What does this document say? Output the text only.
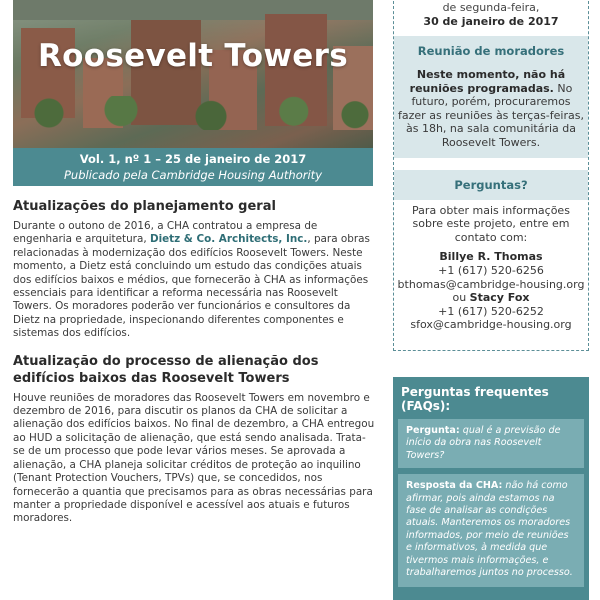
Roosevelt Towers
Vol. 1, nº 1 – 25 de janeiro de 2017
Publicado pela Cambridge Housing Authority
Atualizações do planejamento geral

Durante o outono de 2016, a CHA contratou a empresa de engenharia e arquitetura, Dietz & Co. Architects, Inc., para obras relacionadas à modernização dos edifícios Roosevelt Towers. Neste momento, a Dietz está concluindo um estudo das condições atuais dos edifícios baixos e médios, que fornecerão à CHA as informações essenciais para identificar a reforma necessária nas Roosevelt Towers. Os moradores poderão ver funcionários e consultores da Dietz na propriedade, inspecionando diferentes componentes e sistemas dos edifícios.

Atualização do processo de alienação dos edifícios baixos das Roosevelt Towers

Houve reuniões de moradores das Roosevelt Towers em novembro e dezembro de 2016, para discutir os planos da CHA de solicitar a alienação dos edifícios baixos. No final de dezembro, a CHA entregou ao HUD a solicitação de alienação, que está sendo analisada. Trata-se de um processo que pode levar vários meses. Se aprovada a alienação, a CHA planeja solicitar créditos de proteção ao inquilino (Tenant Protection Vouchers, TPVs) que, se concedidos, nos fornecerão a quantia que precisamos para as obras necessárias para manter a propriedade disponível e acessível aos atuais e futuros moradores.

de segunda-feira,
30 de janeiro de 2017
Reunião de moradores
Neste momento, não há reuniões programadas. No futuro, porém, procuraremos fazer as reuniões às terças-feiras, às 18h, na sala comunitária da Roosevelt Towers.
Perguntas?
Para obter mais informações sobre este projeto, entre em contato com:
Billye R. Thomas
+1 (617) 520-6256
bthomas@cambridge-housing.org
ou Stacy Fox
+1 (617) 520-6252
sfox@cambridge-housing.org
Perguntas frequentes (FAQs):
Pergunta: qual é a previsão de início da obra nas Roosevelt Towers?
Resposta da CHA: não há como afirmar, pois ainda estamos na fase de analisar as condições atuais. Manteremos os moradores informados, por meio de reuniões e informativos, à medida que tivermos mais informações, e trabalharemos juntos no processo.
